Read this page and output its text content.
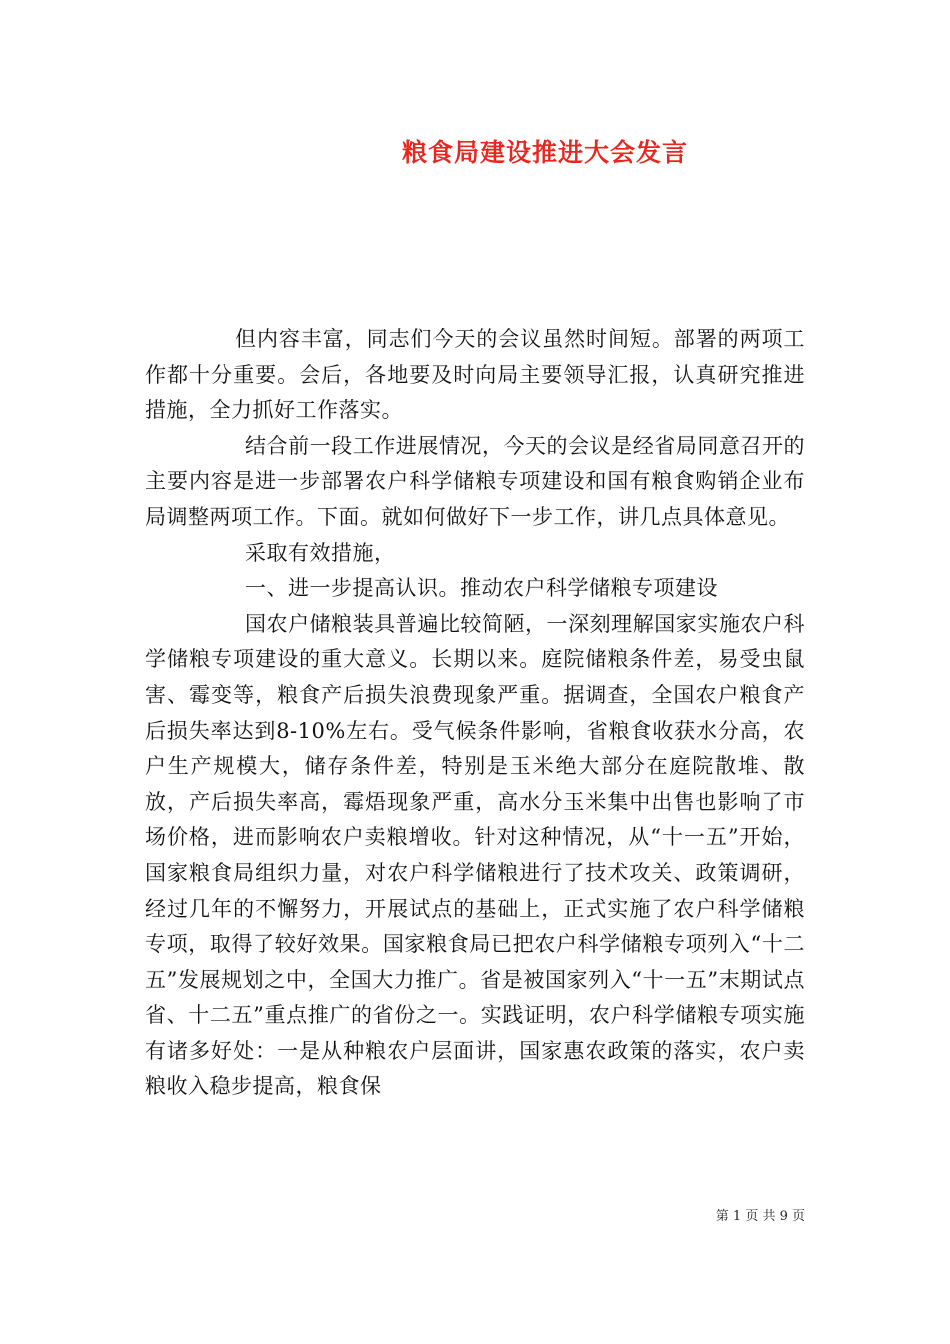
粮食局建设推进大会发言

但内容丰富，同志们今天的会议虽然时间短。部署的两项工作都十分重要。会后，各地要及时向局主要领导汇报，认真研究推进措施，全力抓好工作落实。

结合前一段工作进展情况，今天的会议是经省局同意召开的主要内容是进一步部署农户科学储粮专项建设和国有粮食购销企业布局调整两项工作。下面。就如何做好下一步工作，讲几点具体意见。

采取有效措施，

一、进一步提高认识。推动农户科学储粮专项建设

国农户储粮装具普遍比较简陋，一深刻理解国家实施农户科学储粮专项建设的重大意义。长期以来。庭院储粮条件差，易受虫鼠害、霉变等，粮食产后损失浪费现象严重。据调查，全国农户粮食产后损失率达到8-10%左右。受气候条件影响，省粮食收获水分高，农户生产规模大，储存条件差，特别是玉米绝大部分在庭院散堆、散放，产后损失率高，霉焐现象严重，高水分玉米集中出售也影响了市场价格，进而影响农户卖粮增收。针对这种情况，从“十一五”开始，国家粮食局组织力量，对农户科学储粮进行了技术攻关、政策调研，经过几年的不懈努力，开展试点的基础上，正式实施了农户科学储粮专项，取得了较好效果。国家粮食局已把农户科学储粮专项列入“十二五”发展规划之中，全国大力推广。省是被国家列入“十一五”末期试点省、十二五”重点推广的省份之一。实践证明，农户科学储粮专项实施有诸多好处：一是从种粮农户层面讲，国家惠农政策的落实，农户卖粮收入稳步提高，粮食保

第 1 页 共 9 页
